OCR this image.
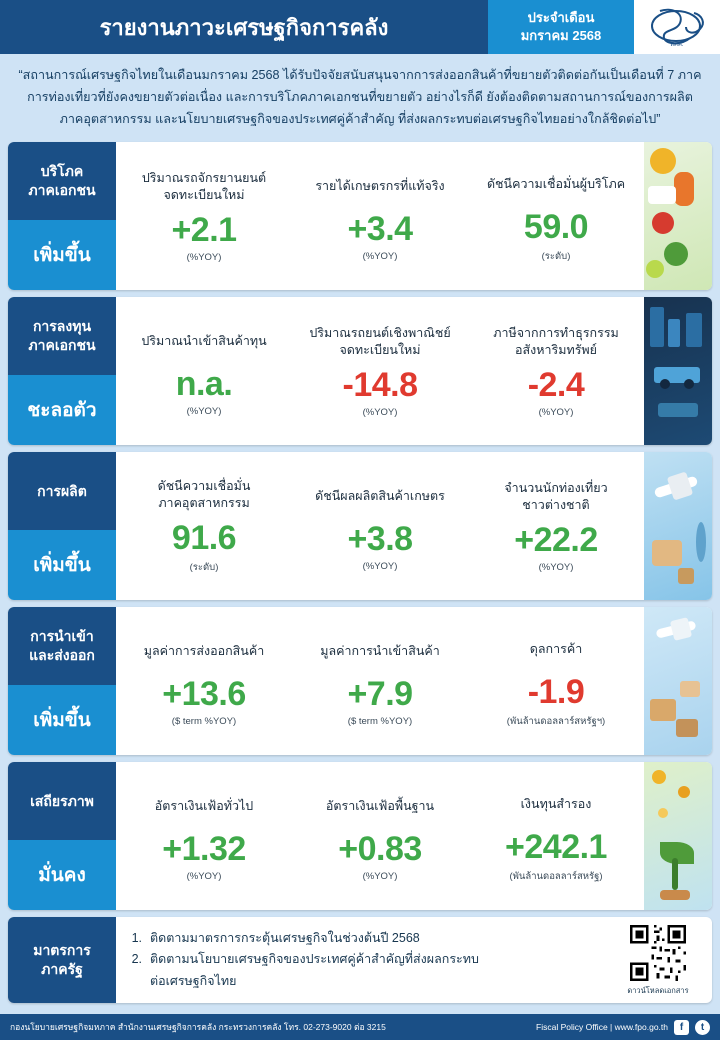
รายงานภาวะเศรษฐกิจการคลัง	ประจำเดือน
มกราคม 2568
สศค.
“สถานการณ์เศรษฐกิจไทยในเดือนมกราคม 2568 ได้รับปัจจัยสนับสนุนจากการส่งออกสินค้าที่ขยายตัวติดต่อกันเป็นเดือนที่ 7 ภาคการท่องเที่ยวที่ยังคงขยายตัวต่อเนื่อง และการบริโภคภาคเอกชนที่ขยายตัว อย่างไรก็ดี ยังต้องติดตามสถานการณ์ของการผลิตภาคอุตสาหกรรม และนโยบายเศรษฐกิจของประเทศคู่ค้าสำคัญ ที่ส่งผลกระทบต่อเศรษฐกิจไทยอย่างใกล้ชิดต่อไป”
บริโภค
ภาคเอกชน
เพิ่มขึ้น
ปริมาณรถจักรยานยนต์
จดทะเบียนใหม่
+2.1
(%YOY)
รายได้เกษตรกรที่แท้จริง
+3.4
(%YOY)
ดัชนีความเชื่อมั่นผู้บริโภค
59.0
(ระดับ)
การลงทุน
ภาคเอกชน
ชะลอตัว
ปริมาณนำเข้าสินค้าทุน
n.a.
(%YOY)
ปริมาณรถยนต์เชิงพาณิชย์
จดทะเบียนใหม่
-14.8
(%YOY)
ภาษีจากการทำธุรกรรม
อสังหาริมทรัพย์
-2.4
(%YOY)
การผลิต
เพิ่มขึ้น
ดัชนีความเชื่อมั่น
ภาคอุตสาหกรรม
91.6
(ระดับ)
ดัชนีผลผลิตสินค้าเกษตร
+3.8
(%YOY)
จำนวนนักท่องเที่ยว
ชาวต่างชาติ
+22.2
(%YOY)
การนำเข้า
และส่งออก
เพิ่มขึ้น
มูลค่าการส่งออกสินค้า
+13.6
($ term %YOY)
มูลค่าการนำเข้าสินค้า
+7.9
($ term %YOY)
ดุลการค้า
-1.9
(พันล้านดอลลาร์สหรัฐฯ)
เสถียรภาพ
มั่นคง
อัตราเงินเฟ้อทั่วไป
+1.32
(%YOY)
อัตราเงินเฟ้อพื้นฐาน
+0.83
(%YOY)
เงินทุนสำรอง
+242.1
(พันล้านดอลลาร์สหรัฐ)
มาตรการ
ภาครัฐ
1. ติดตามมาตรการกระตุ้นเศรษฐกิจในช่วงต้นปี 2568
2. ติดตามนโยบายเศรษฐกิจของประเทศคู่ค้าสำคัญที่ส่งผลกระทบ
ต่อเศรษฐกิจไทย
ดาวน์โหลดเอกสาร
กองนโยบายเศรษฐกิจมหภาค สำนักงานเศรษฐกิจการคลัง กระทรวงการคลัง โทร. 02-273-9020 ต่อ 3215	Fiscal Policy Office | www.fpo.go.th	f	t
